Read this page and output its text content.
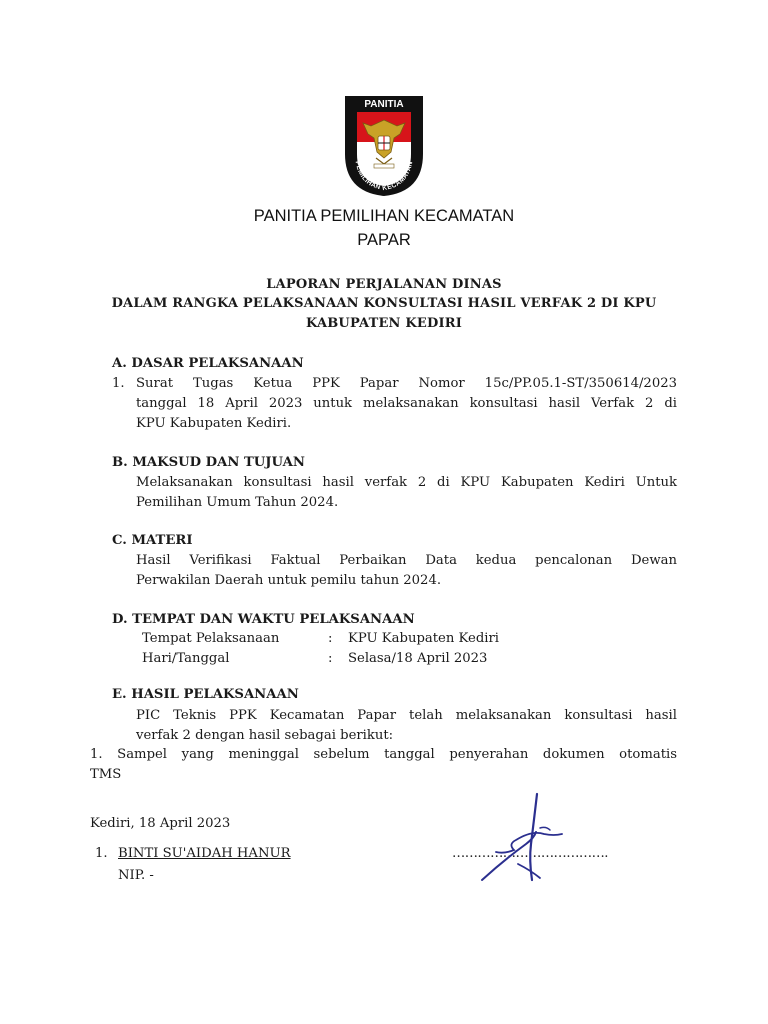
PANITIA
PEMILIHAN KECAMATAN
PANITIA PEMILIHAN KECAMATAN
PAPAR
LAPORAN PERJALANAN DINAS
DALAM RANGKA PELAKSANAAN KONSULTASI HASIL VERFAK 2 DI KPU
KABUPATEN KEDIRI
A. DASAR PELAKSANAAN
1. Surat Tugas Ketua PPK Papar Nomor 15c/PP.05.1-ST/350614/2023
tanggal 18 April 2023 untuk melaksanakan konsultasi hasil Verfak 2 di
KPU Kabupaten Kediri.
B. MAKSUD DAN TUJUAN
Melaksanakan konsultasi hasil verfak 2 di KPU Kabupaten Kediri Untuk
Pemilihan Umum Tahun 2024.
C. MATERI
Hasil Verifikasi Faktual Perbaikan Data kedua pencalonan Dewan
Perwakilan Daerah untuk pemilu tahun 2024.
D. TEMPAT DAN WAKTU PELAKSANAAN
Tempat Pelaksanaan	: KPU Kabupaten Kediri
Hari/Tanggal	: Selasa/18 April 2023
E. HASIL PELAKSANAAN
PIC Teknis PPK Kecamatan Papar telah melaksanakan konsultasi hasil
verfak 2 dengan hasil sebagai berikut:
1. Sampel yang meninggal sebelum tanggal penyerahan dokumen otomatis
TMS
Kediri, 18 April 2023
1. BINTI SU'AIDAH HANUR	……………………………….
NIP. -
